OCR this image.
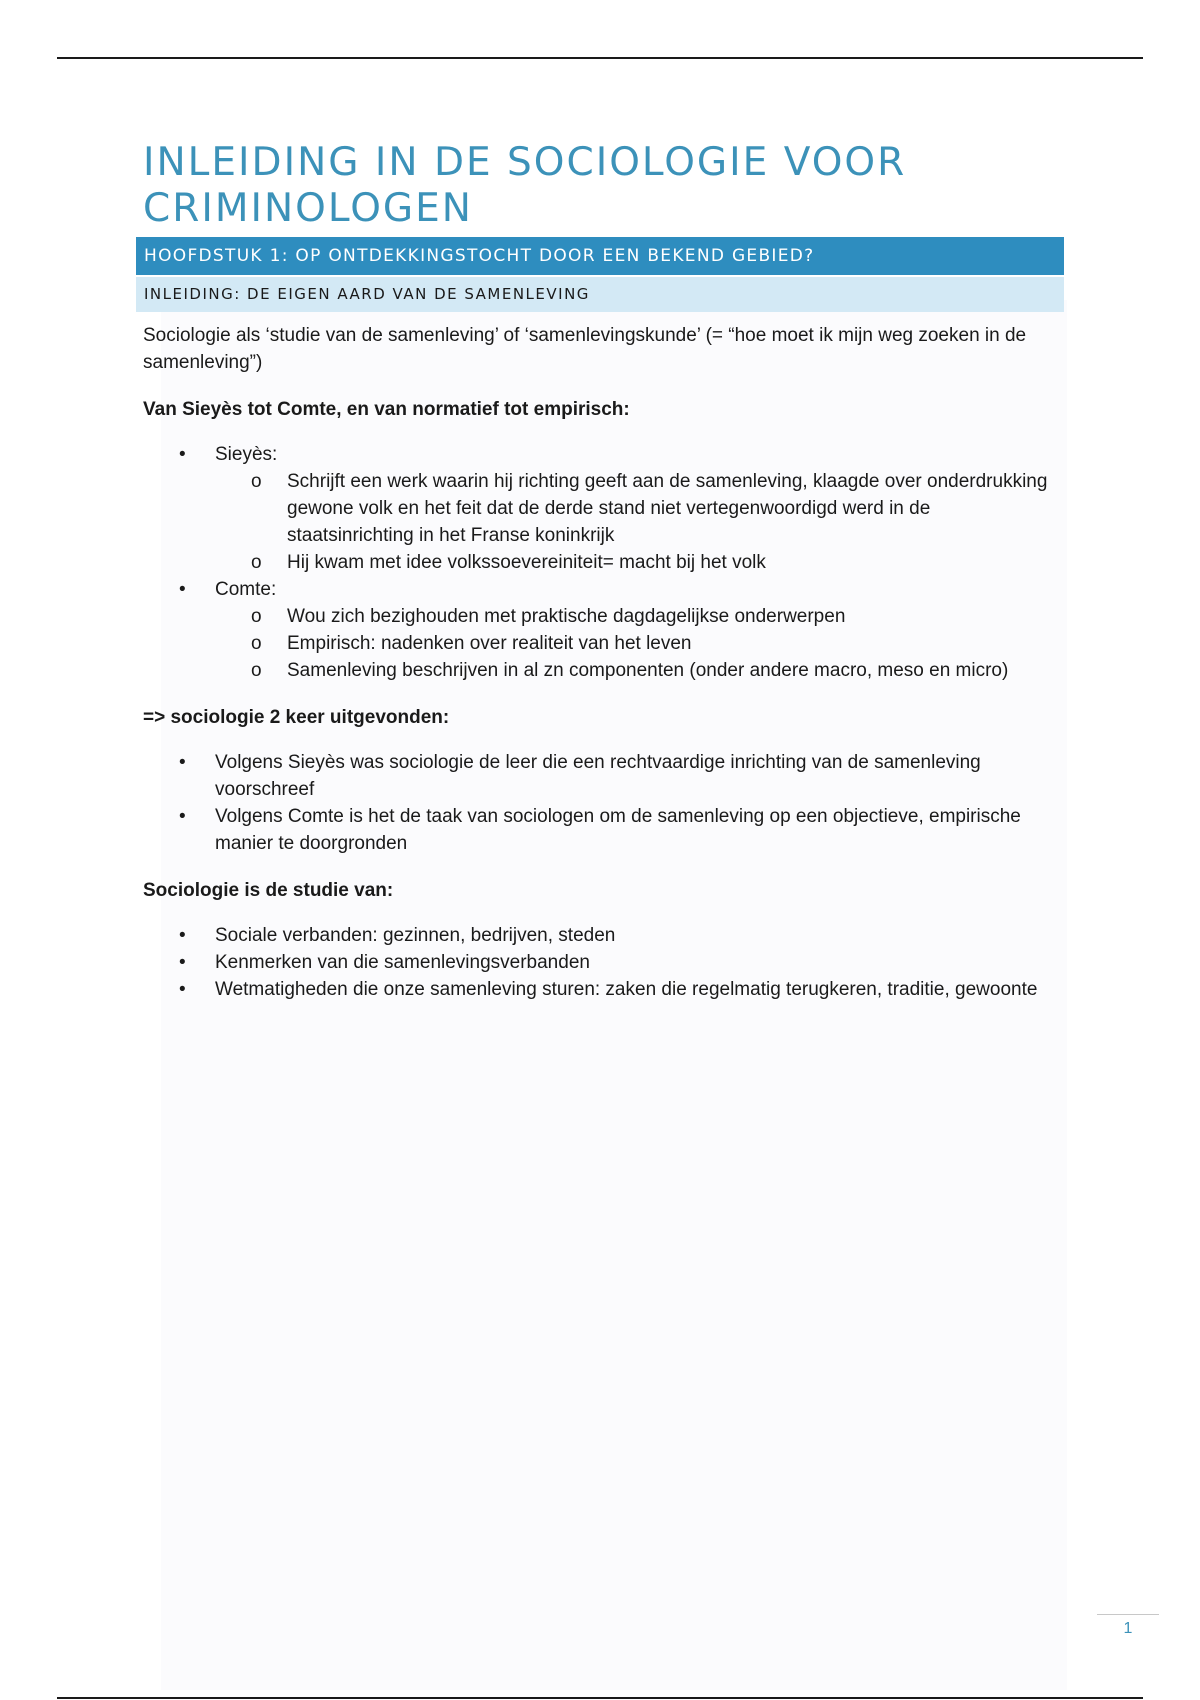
INLEIDING IN DE SOCIOLOGIE VOOR CRIMINOLOGEN
HOOFDSTUK 1: OP ONTDEKKINGSTOCHT DOOR EEN BEKEND GEBIED?
INLEIDING: DE EIGEN AARD VAN DE SAMENLEVING

Sociologie als ‘studie van de samenleving’ of ‘samenlevingskunde’ (= “hoe moet ik mijn weg zoeken in de samenleving”)

Van Sieyès tot Comte, en van normatief tot empirisch:

• Sieyès:
o Schrijft een werk waarin hij richting geeft aan de samenleving, klaagde over onderdrukking gewone volk en het feit dat de derde stand niet vertegenwoordigd werd in de staatsinrichting in het Franse koninkrijk
o Hij kwam met idee volkssoevereiniteit= macht bij het volk
• Comte:
o Wou zich bezighouden met praktische dagdagelijkse onderwerpen
o Empirisch: nadenken over realiteit van het leven
o Samenleving beschrijven in al zn componenten (onder andere macro, meso en micro)

=> sociologie 2 keer uitgevonden:

• Volgens Sieyès was sociologie de leer die een rechtvaardige inrichting van de samenleving voorschreef
• Volgens Comte is het de taak van sociologen om de samenleving op een objectieve, empirische manier te doorgronden

Sociologie is de studie van:

• Sociale verbanden: gezinnen, bedrijven, steden
• Kenmerken van die samenlevingsverbanden
• Wetmatigheden die onze samenleving sturen: zaken die regelmatig terugkeren, traditie, gewoonte
1
